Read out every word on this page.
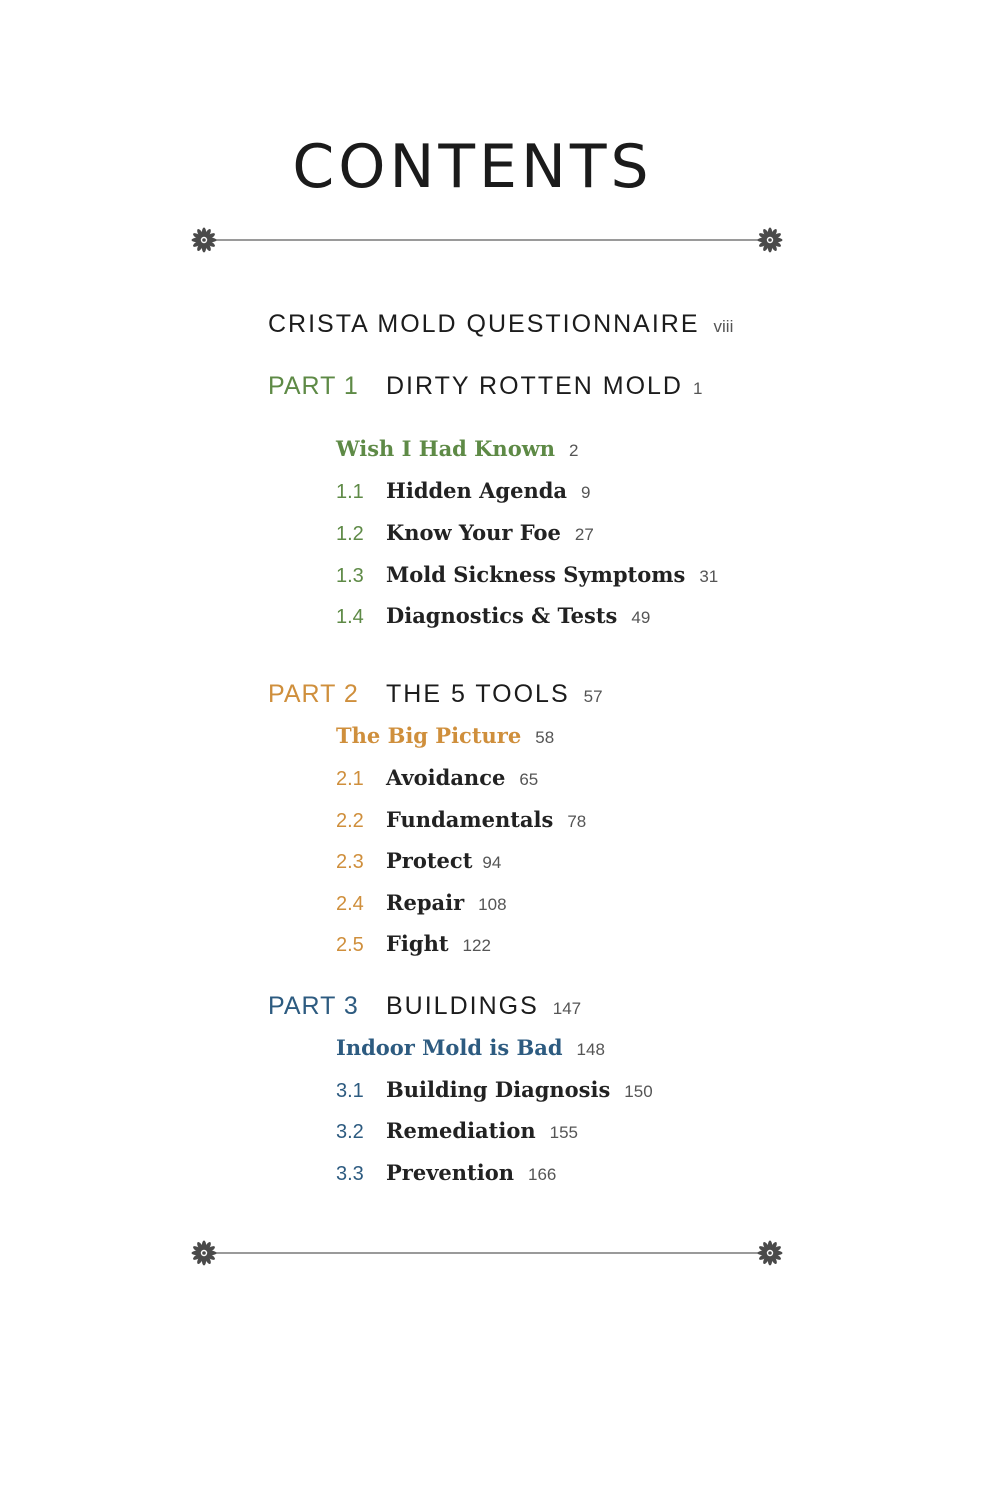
CONTENTS
CRISTA MOLD QUESTIONNAIRE viii
PART 1 DIRTY ROTTEN MOLD 1
Wish I Had Known 2
1.1 Hidden Agenda 9
1.2 Know Your Foe 27
1.3 Mold Sickness Symptoms 31
1.4 Diagnostics & Tests 49
PART 2 THE 5 TOOLS 57
The Big Picture 58
2.1 Avoidance 65
2.2 Fundamentals 78
2.3 Protect 94
2.4 Repair 108
2.5 Fight 122
PART 3 BUILDINGS 147
Indoor Mold is Bad 148
3.1 Building Diagnosis 150
3.2 Remediation 155
3.3 Prevention 166
